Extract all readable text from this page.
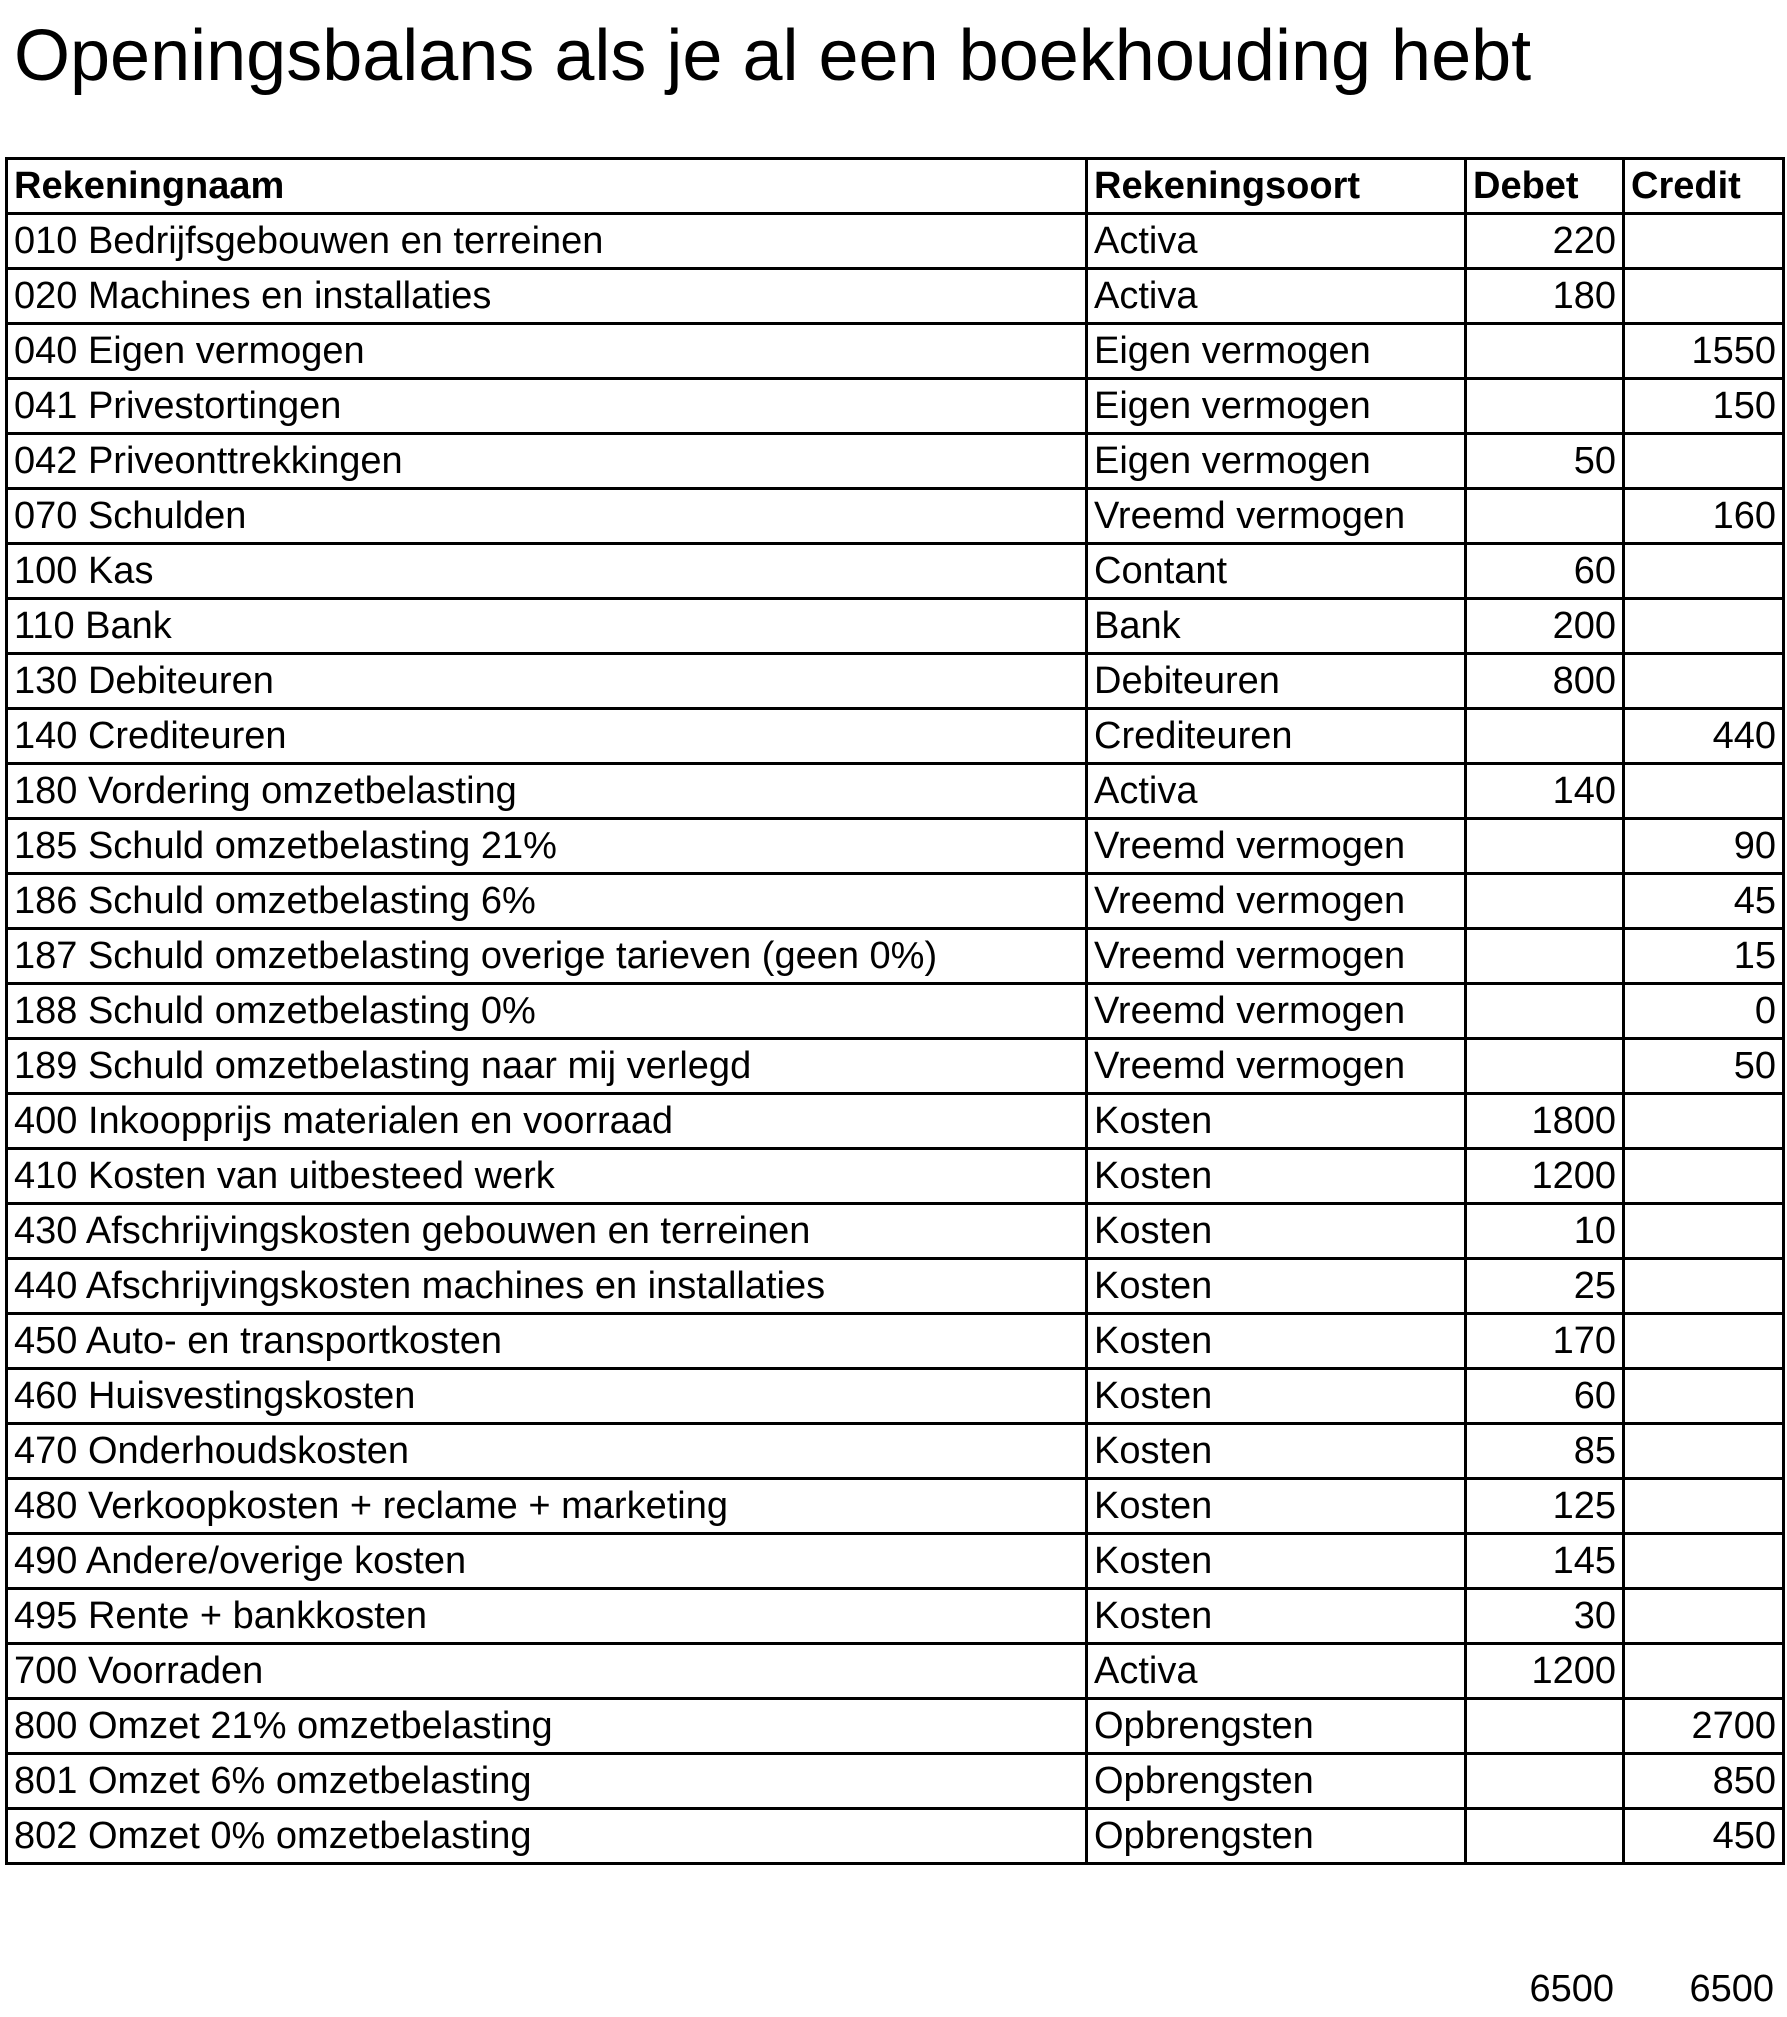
Openingsbalans als je al een boekhouding hebt
Rekeningnaam	Rekeningsoort	Debet	Credit
010 Bedrijfsgebouwen en terreinen	Activa	220	
020 Machines en installaties	Activa	180	
040 Eigen vermogen	Eigen vermogen		1550
041 Privestortingen	Eigen vermogen		150
042 Priveonttrekkingen	Eigen vermogen	50	
070 Schulden	Vreemd vermogen		160
100 Kas	Contant	60	
110 Bank	Bank	200	
130 Debiteuren	Debiteuren	800	
140 Crediteuren	Crediteuren		440
180 Vordering omzetbelasting	Activa	140	
185 Schuld omzetbelasting 21%	Vreemd vermogen		90
186 Schuld omzetbelasting 6%	Vreemd vermogen		45
187 Schuld omzetbelasting overige tarieven (geen 0%)	Vreemd vermogen		15
188 Schuld omzetbelasting 0%	Vreemd vermogen		0
189 Schuld omzetbelasting naar mij verlegd	Vreemd vermogen		50
400 Inkoopprijs materialen en voorraad	Kosten	1800	
410 Kosten van uitbesteed werk	Kosten	1200	
430 Afschrijvingskosten gebouwen en terreinen	Kosten	10	
440 Afschrijvingskosten machines en installaties	Kosten	25	
450 Auto- en transportkosten	Kosten	170	
460 Huisvestingskosten	Kosten	60	
470 Onderhoudskosten	Kosten	85	
480 Verkoopkosten + reclame + marketing	Kosten	125	
490 Andere/overige kosten	Kosten	145	
495 Rente + bankkosten	Kosten	30	
700 Voorraden	Activa	1200	
800 Omzet 21% omzetbelasting	Opbrengsten		2700
801 Omzet 6% omzetbelasting	Opbrengsten		850
802 Omzet 0% omzetbelasting	Opbrengsten		450
6500	6500
